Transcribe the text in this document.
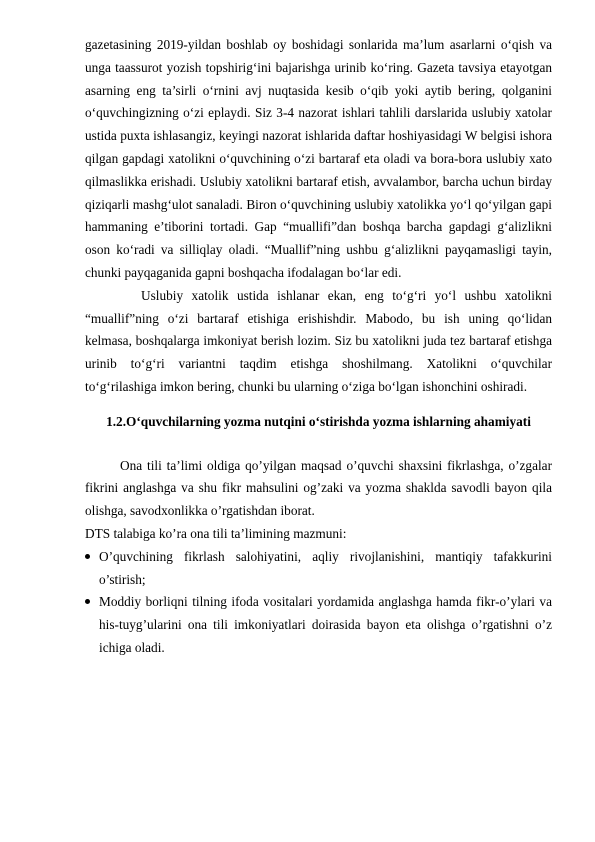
gazetasining 2019-yildan boshlab oy boshidagi sonlarida ma’lum asarlarni o‘qish va unga taassurot yozish topshirig‘ini bajarishga urinib ko‘ring. Gazeta tavsiya etayotgan asarning eng ta’sirli o‘rnini avj nuqtasida kesib o‘qib yoki aytib bering, qolganini o‘quvchingizning o‘zi eplaydi. Siz 3-4 nazorat ishlari tahlili darslarida uslubiy xatolar ustida puxta ishlasangiz, keyingi nazorat ishlarida daftar hoshiyasidagi W belgisi ishora qilgan gapdagi xatolikni o‘quvchining o‘zi bartaraf eta oladi va bora-bora uslubiy xato qilmaslikka erishadi. Uslubiy xatolikni bartaraf etish, avvalambor, barcha uchun birday qiziqarli mashg‘ulot sanaladi. Biron o‘quvchining uslubiy xatolikka yo‘l qo‘yilgan gapi hammaning e’tiborini tortadi. Gap “muallifi”dan boshqa barcha gapdagi g‘alizlikni oson ko‘radi va silliqlay oladi. “Muallif”ning ushbu g‘alizlikni payqamasligi tayin, chunki payqaganida gapni boshqacha ifodalagan bo‘lar edi.

Uslubiy xatolik ustida ishlanar ekan, eng to‘g‘ri yo‘l ushbu xatolikni “muallif”ning o‘zi bartaraf etishiga erishishdir. Mabodo, bu ish uning qo‘lidan kelmasa, boshqalarga imkoniyat berish lozim. Siz bu xatolikni juda tez bartaraf etishga urinib to‘g‘ri variantni taqdim etishga shoshilmang. Xatolikni o‘quvchilar to‘g‘rilashiga imkon bering, chunki bu ularning o‘ziga bo‘lgan ishonchini oshiradi.

1.2.O‘quvchilarning yozma nutqini o‘stirishda yozma ishlarning ahamiyati

Ona tili ta’limi oldiga qo’yilgan maqsad o’quvchi shaxsini fikrlashga, o’zgalar fikrini anglashga va shu fikr mahsulini og’zaki va yozma shaklda savodli bayon qila olishga, savodxonlikka o’rgatishdan iborat.

DTS talabiga ko’ra ona tili ta’limining mazmuni:

O’quvchining fikrlash salohiyatini, aqliy rivojlanishini, mantiqiy tafakkurini o’stirish;
Moddiy borliqni tilning ifoda vositalari yordamida anglashga hamda fikr-o’ylari va his-tuyg’ularini ona tili imkoniyatlari doirasida bayon eta olishga o’rgatishni o’z ichiga oladi.
